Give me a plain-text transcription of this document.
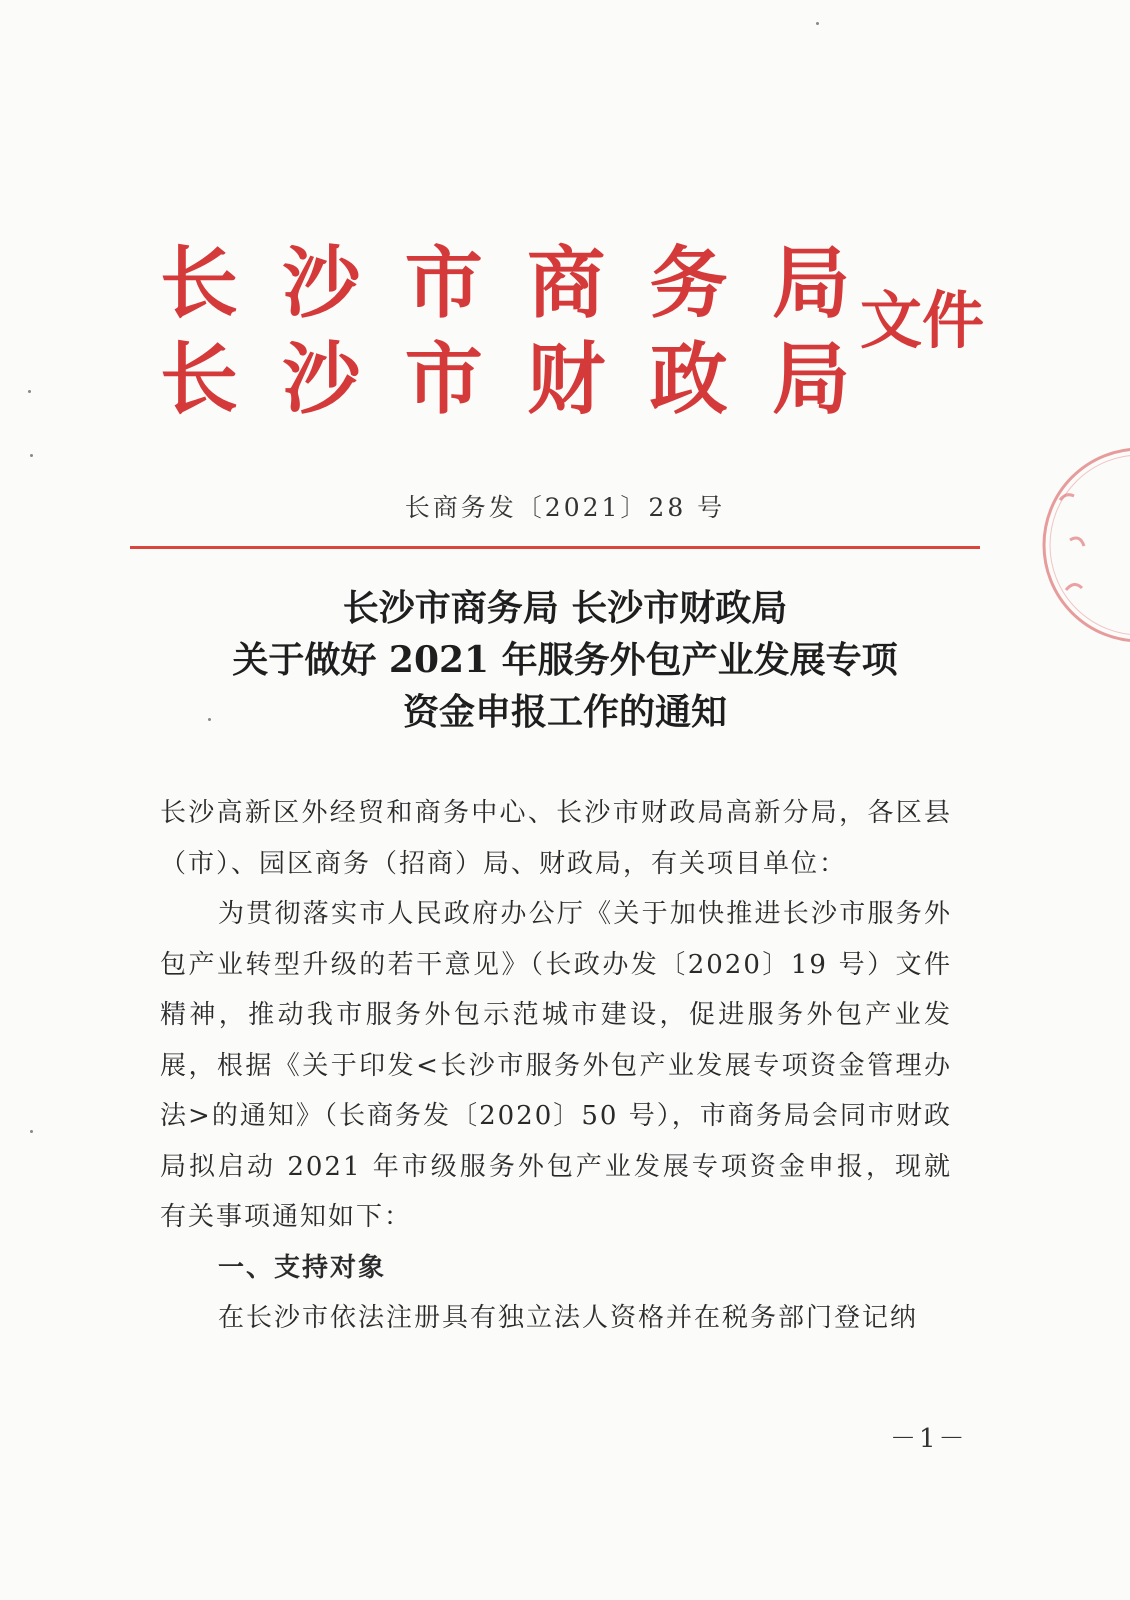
长 沙 市 商 务 局
长 沙 市 财 政 局
文件
长商务发〔2021〕28 号
长沙市商务局 长沙市财政局
关于做好 2021 年服务外包产业发展专项
资金申报工作的通知

长沙高新区外经贸和商务中心、长沙市财政局高新分局，各区县（市）、园区商务（招商）局、财政局，有关项目单位：

为贯彻落实市人民政府办公厅《关于加快推进长沙市服务外包产业转型升级的若干意见》（长政办发〔2020〕19 号）文件精神，推动我市服务外包示范城市建设，促进服务外包产业发展，根据《关于印发<长沙市服务外包产业发展专项资金管理办法>的通知》（长商务发〔2020〕50 号），市商务局会同市财政局拟启动 2021 年市级服务外包产业发展专项资金申报，现就有关事项通知如下：

一、支持对象

在长沙市依法注册具有独立法人资格并在税务部门登记纳

－1－
